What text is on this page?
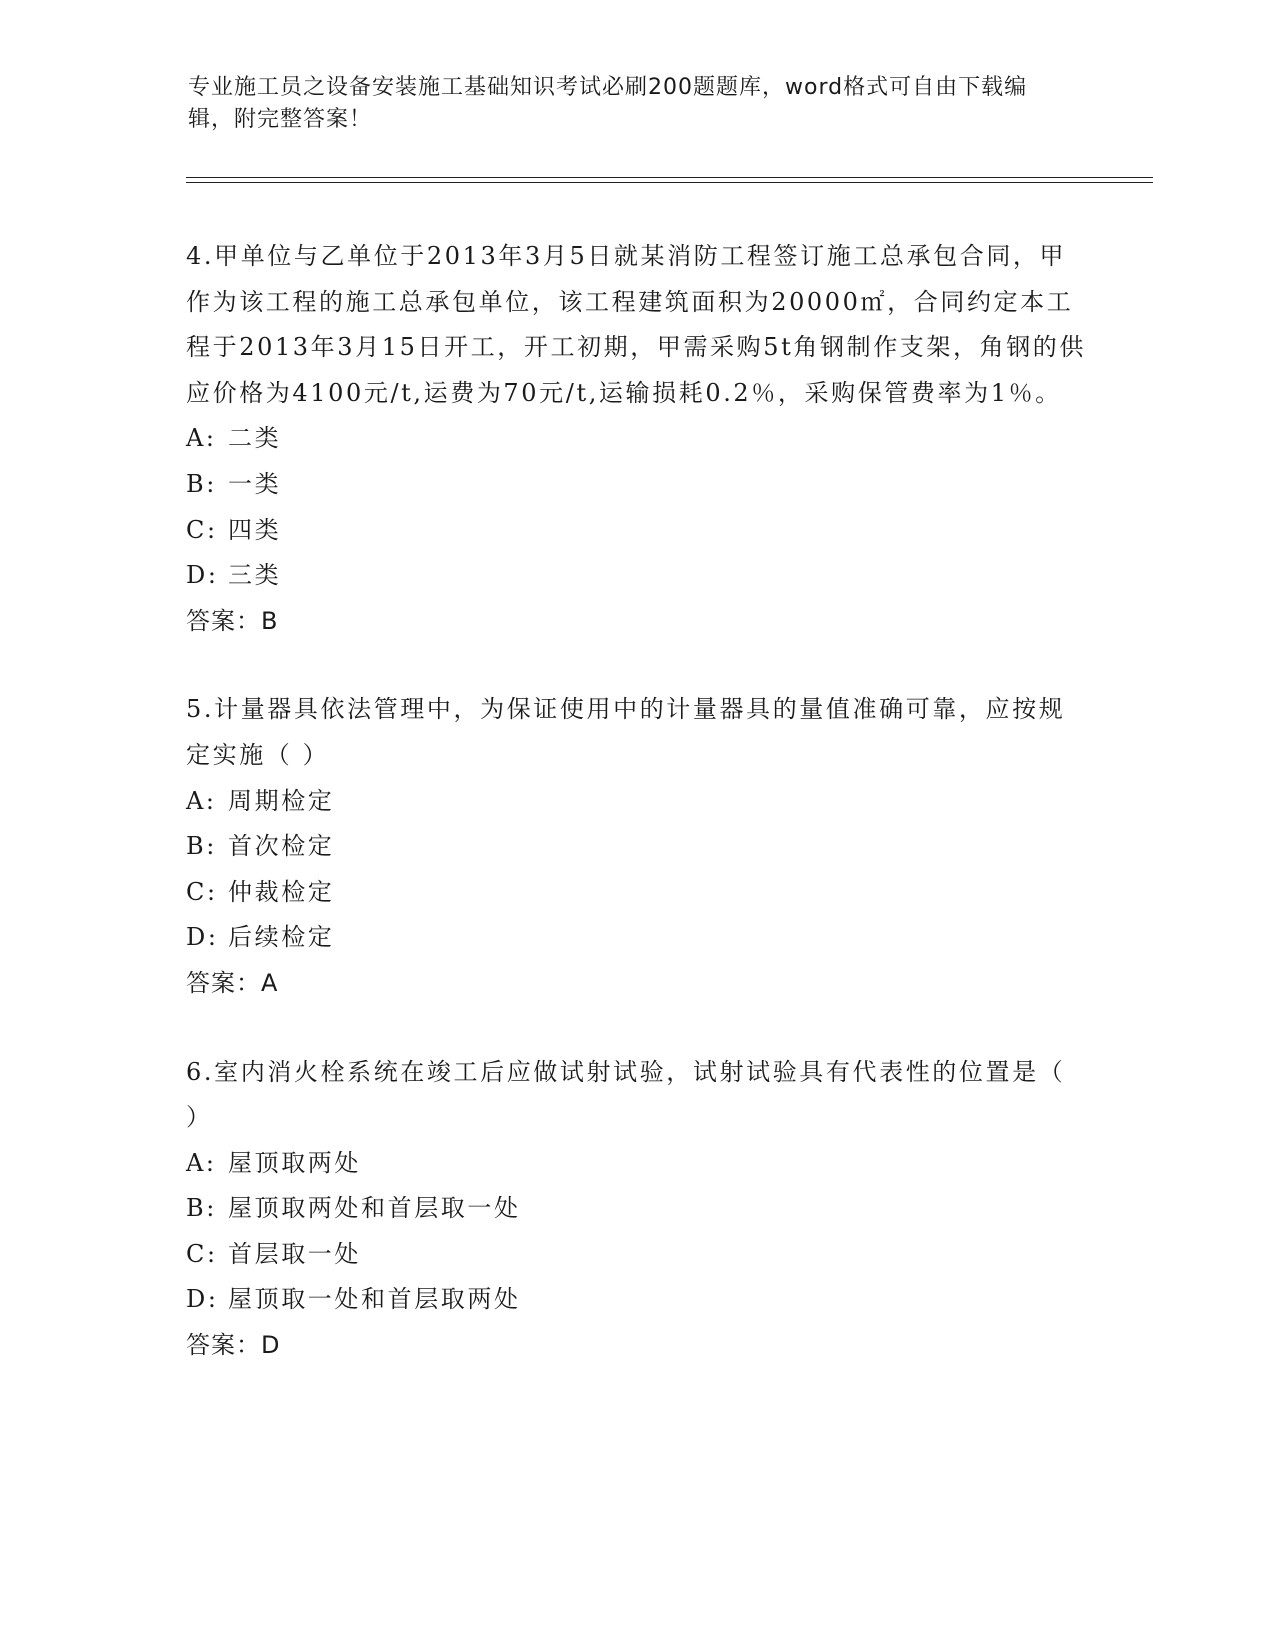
专业施工员之设备安装施工基础知识考试必刷200题题库，word格式可自由下载编辑，附完整答案！
4.甲单位与乙单位于2013年3月5日就某消防工程签订施工总承包合同，甲作为该工程的施工总承包单位，该工程建筑面积为20000㎡，合同约定本工程于2013年3月15日开工，开工初期，甲需采购5t角钢制作支架，角钢的供应价格为4100元/t,运费为70元/t,运输损耗0.2％，采购保管费率为1％。
A: 二类
B: 一类
C: 四类
D: 三类
答案：B
5.计量器具依法管理中，为保证使用中的计量器具的量值准确可靠，应按规定实施（ ）
A: 周期检定
B: 首次检定
C: 仲裁检定
D: 后续检定
答案：A
6.室内消火栓系统在竣工后应做试射试验，试射试验具有代表性的位置是（ ）
A: 屋顶取两处
B: 屋顶取两处和首层取一处
C: 首层取一处
D: 屋顶取一处和首层取两处
答案：D
